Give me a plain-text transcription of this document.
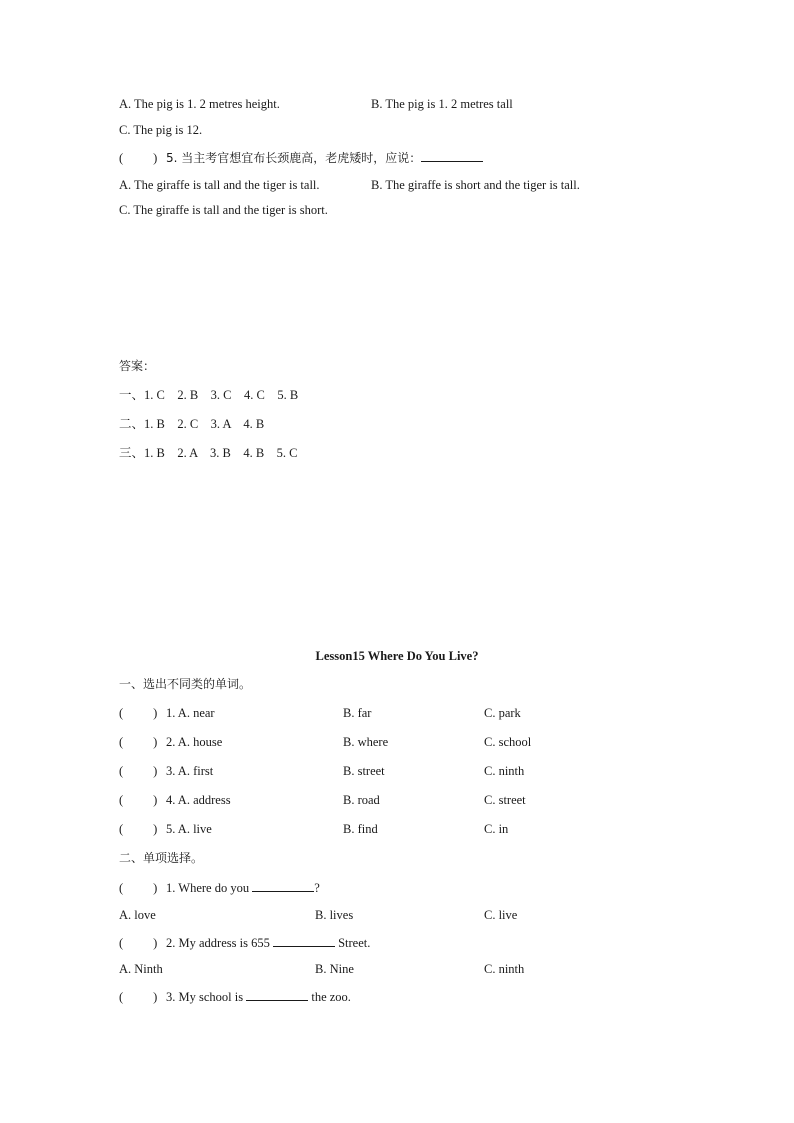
A. The pig is 1. 2 metres height.	B. The pig is 1. 2 metres tall
C. The pig is 12.
( ) 5. 当主考官想宜布长颈鹿高，老虎矮时，应说：
A. The giraffe is tall and the tiger is tall.	B. The giraffe is short and the tiger is tall.
C. The giraffe is tall and the tiger is short.
答案：
一、1. C    2. B    3. C    4. C    5. B
二、1. B    2. C    3. A    4. B
三、1. B    2. A    3. B    4. B    5. C
Lesson15 Where Do You Live?
一、选出不同类的单词。
( ) 1. A. near	B. far	C. park
( ) 2. A. house	B. where	C. school
( ) 3. A. first	B. street	C. ninth
( ) 4. A. address	B. road	C. street
( ) 5. A. live	B. find	C. in
二、单项选择。
( ) 1. Where do you	?
A. love	B. lives	C. live
( ) 2. My address is 655	Street.
A. Ninth	B. Nine	C. ninth
( ) 3. My school is	the zoo.
